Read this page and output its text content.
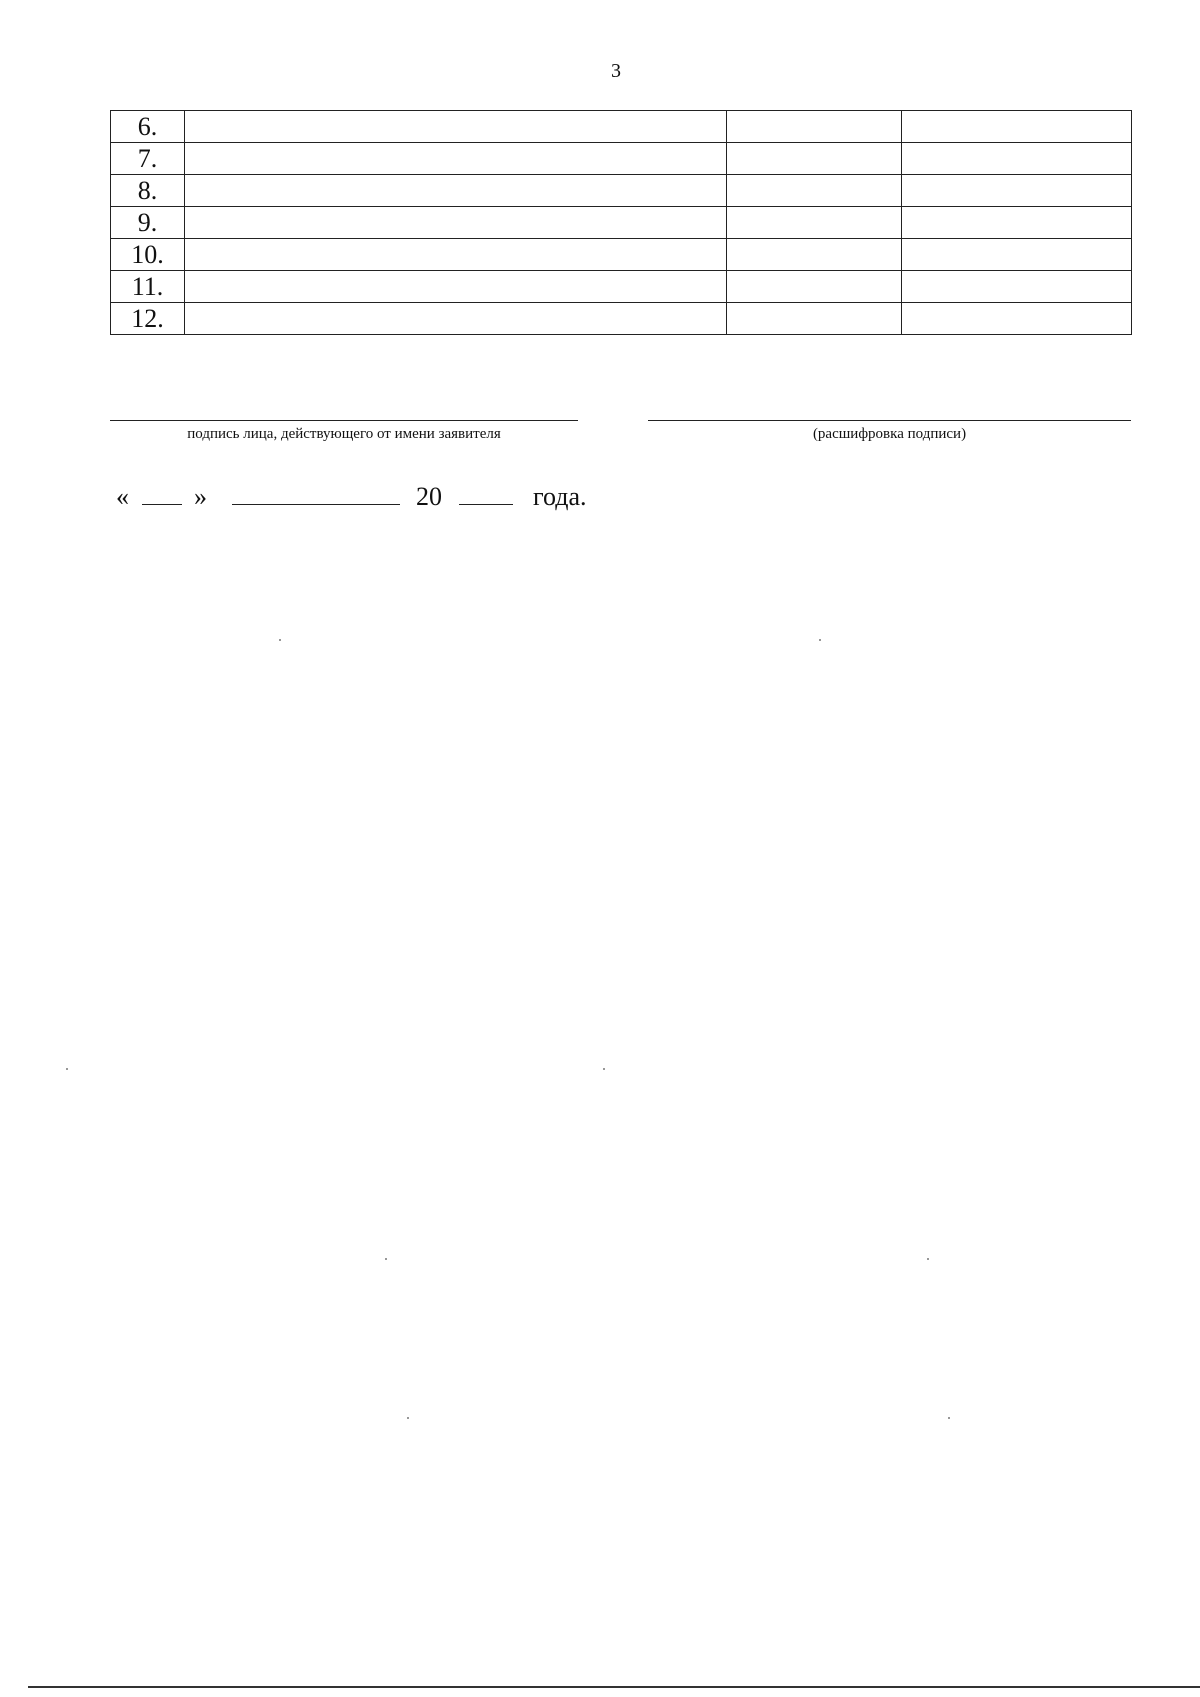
3
6.			
7.			
8.			
9.			
10.			
11.			
12.			
подпись лица, действующего от имени заявителя	(расшифровка подписи)
«	»	20	года.
